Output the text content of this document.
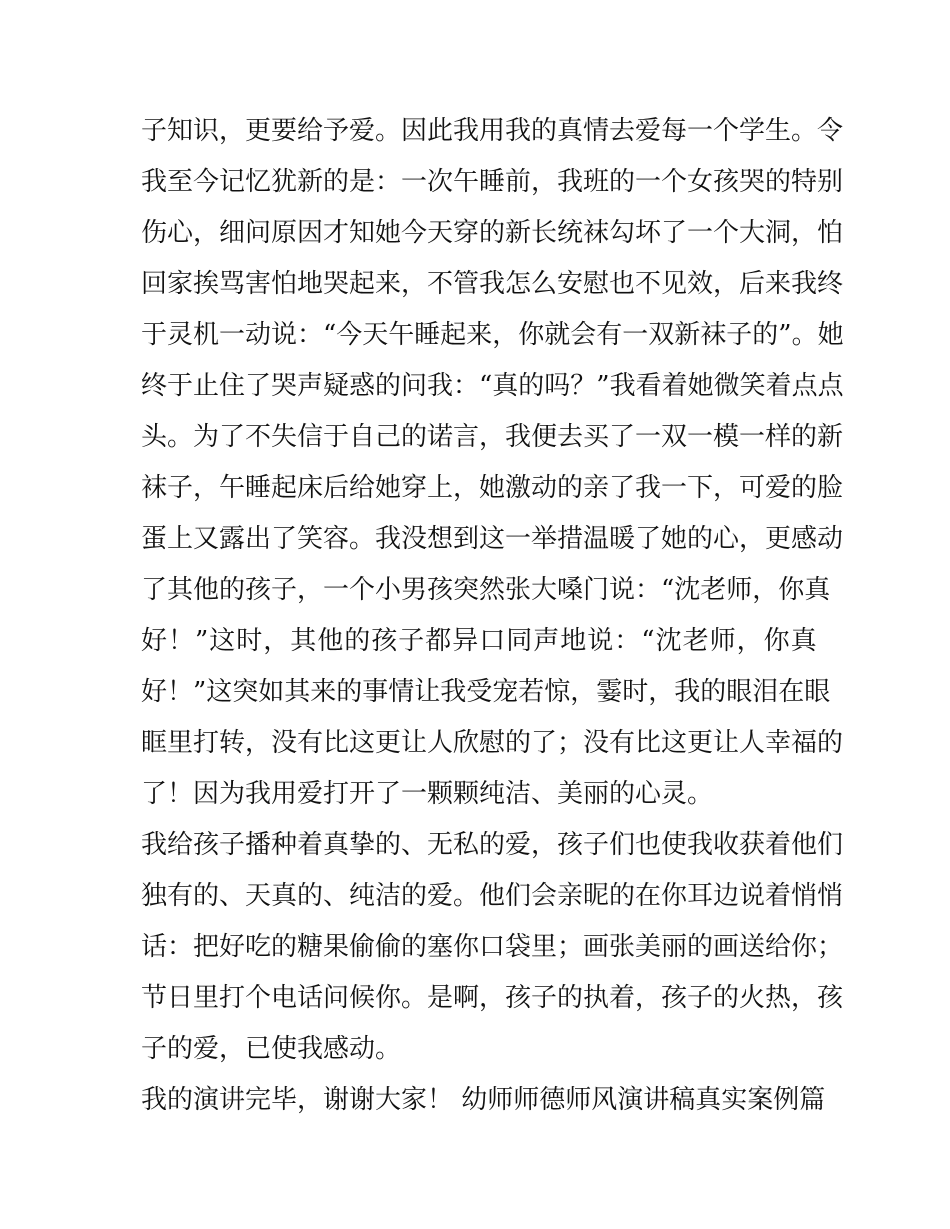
子知识，更要给予爱。因此我用我的真情去爱每一个学生。令

我至今记忆犹新的是：一次午睡前，我班的一个女孩哭的特别

伤心，细问原因才知她今天穿的新长统袜勾坏了一个大洞，怕

回家挨骂害怕地哭起来，不管我怎么安慰也不见效，后来我终

于灵机一动说：“今天午睡起来，你就会有一双新袜子的”。她

终于止住了哭声疑惑的问我：“真的吗？”我看着她微笑着点点

头。为了不失信于自己的诺言，我便去买了一双一模一样的新

袜子，午睡起床后给她穿上，她激动的亲了我一下，可爱的脸

蛋上又露出了笑容。我没想到这一举措温暖了她的心，更感动

了其他的孩子，一个小男孩突然张大嗓门说：“沈老师，你真

好！”这时，其他的孩子都异口同声地说：“沈老师，你真

好！”这突如其来的事情让我受宠若惊，霎时，我的眼泪在眼

眶里打转，没有比这更让人欣慰的了；没有比这更让人幸福的

了！因为我用爱打开了一颗颗纯洁、美丽的心灵。

我给孩子播种着真挚的、无私的爱，孩子们也使我收获着他们

独有的、天真的、纯洁的爱。他们会亲昵的在你耳边说着悄悄

话：把好吃的糖果偷偷的塞你口袋里；画张美丽的画送给你；

节日里打个电话问候你。是啊，孩子的执着，孩子的火热，孩

子的爱，已使我感动。

我的演讲完毕，谢谢大家！ 幼师师德师风演讲稿真实案例篇
